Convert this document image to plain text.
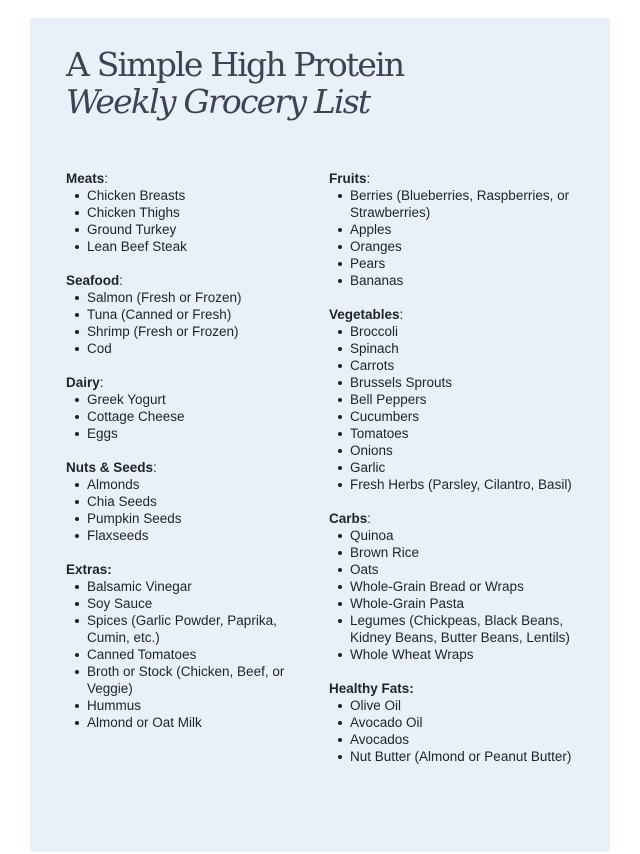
A Simple High Protein
Weekly Grocery List
Meats:
Chicken Breasts
Chicken Thighs
Ground Turkey
Lean Beef Steak
Seafood:
Salmon (Fresh or Frozen)
Tuna (Canned or Fresh)
Shrimp (Fresh or Frozen)
Cod
Dairy:
Greek Yogurt
Cottage Cheese
Eggs
Nuts & Seeds:
Almonds
Chia Seeds
Pumpkin Seeds
Flaxseeds
Extras:
Balsamic Vinegar
Soy Sauce
Spices (Garlic Powder, Paprika, Cumin, etc.)
Canned Tomatoes
Broth or Stock (Chicken, Beef, or Veggie)
Hummus
Almond or Oat Milk
Fruits:
Berries (Blueberries, Raspberries, or Strawberries)
Apples
Oranges
Pears
Bananas
Vegetables:
Broccoli
Spinach
Carrots
Brussels Sprouts
Bell Peppers
Cucumbers
Tomatoes
Onions
Garlic
Fresh Herbs (Parsley, Cilantro, Basil)
Carbs:
Quinoa
Brown Rice
Oats
Whole-Grain Bread or Wraps
Whole-Grain Pasta
Legumes (Chickpeas, Black Beans, Kidney Beans, Butter Beans, Lentils)
Whole Wheat Wraps
Healthy Fats:
Olive Oil
Avocado Oil
Avocados
Nut Butter (Almond or Peanut Butter)
